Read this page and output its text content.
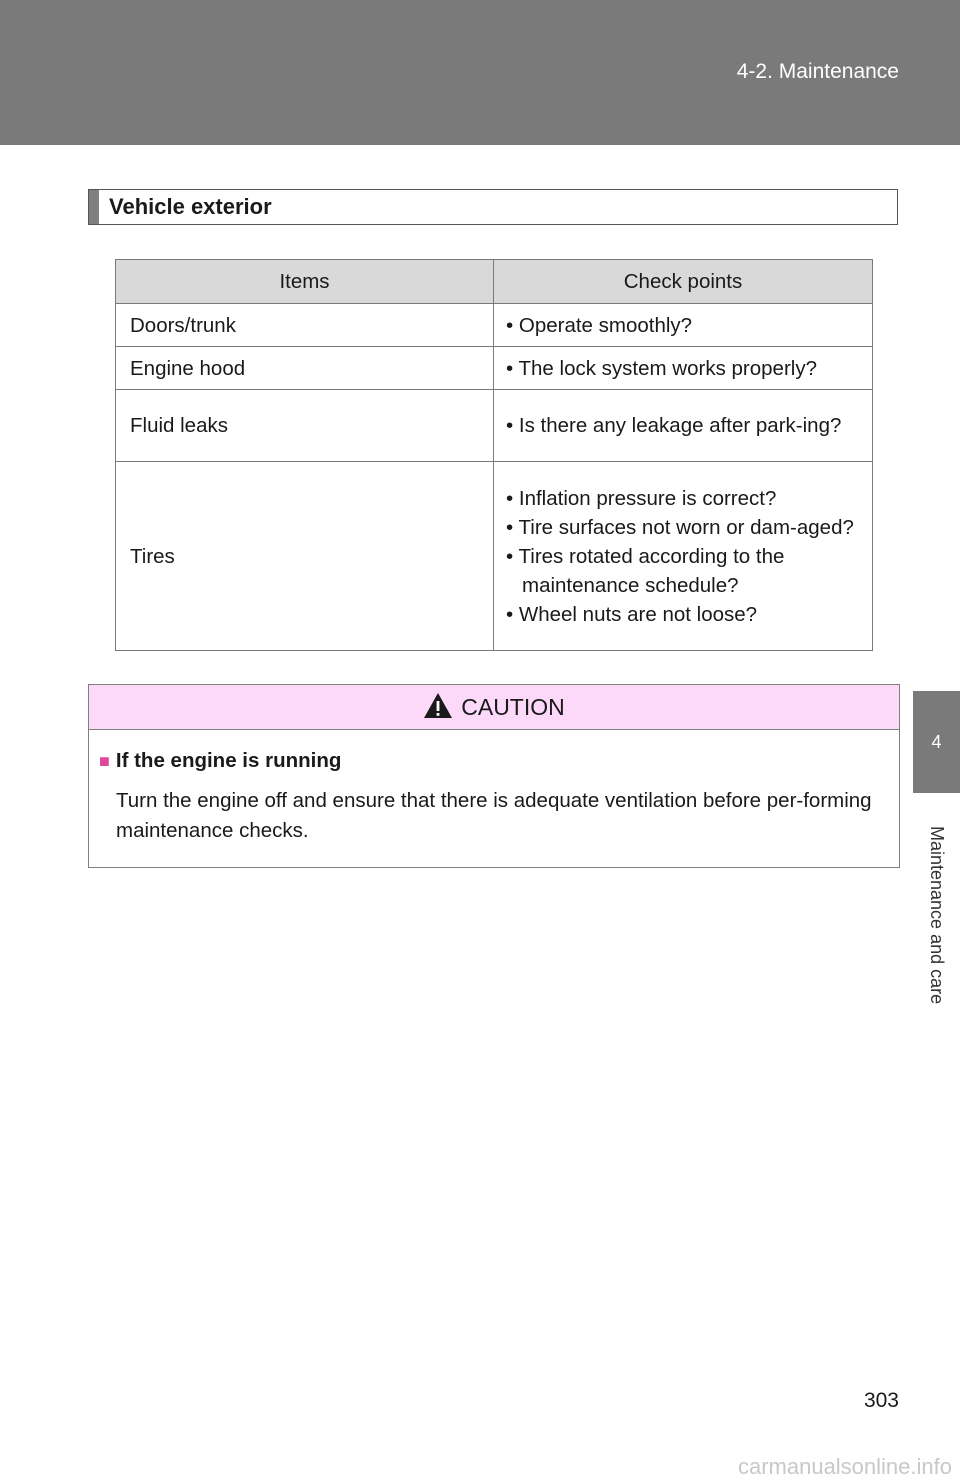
4-2. Maintenance
4
Maintenance and care
Vehicle exterior
Items	Check points
Doors/trunk	• Operate smoothly?

Engine hood	• The lock system works properly?

Fluid leaks	• Is there any leakage after park-ing?

Tires	• Inflation pressure is correct?
• Tire surfaces not worn or dam-aged?
• Tires rotated according to the maintenance schedule?
• Wheel nuts are not loose?
CAUTION
■ If the engine is running
Turn the engine off and ensure that there is adequate ventilation before per-forming maintenance checks.
303
carmanualsonline.info
